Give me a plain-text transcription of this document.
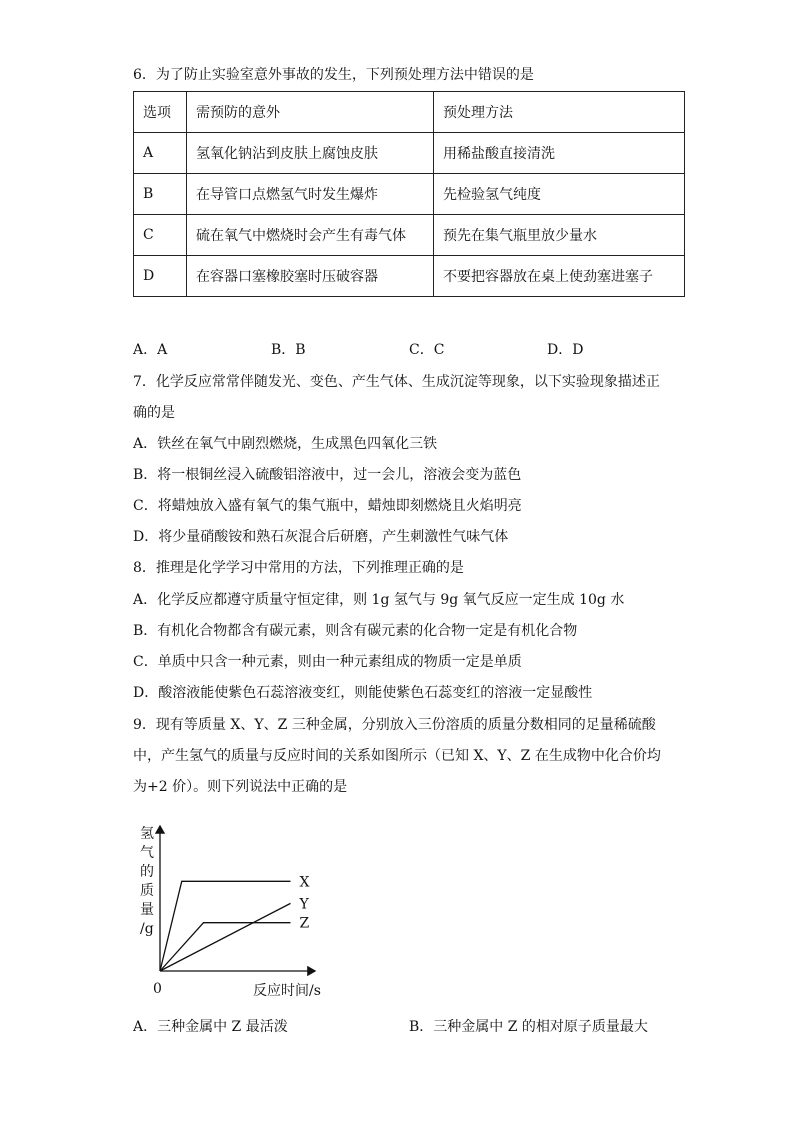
6．为了防止实验室意外事故的发生，下列预处理方法中错误的是
选项	需预防的意外	预处理方法
A	氢氧化钠沾到皮肤上腐蚀皮肤	用稀盐酸直接清洗
B	在导管口点燃氢气时发生爆炸	先检验氢气纯度
C	硫在氧气中燃烧时会产生有毒气体	预先在集气瓶里放少量水
D	在容器口塞橡胶塞时压破容器	不要把容器放在桌上使劲塞进塞子
A．A	B．B	C．C	D．D
7．化学反应常常伴随发光、变色、产生气体、生成沉淀等现象，以下实验现象描述正
确的是
A．铁丝在氧气中剧烈燃烧，生成黑色四氧化三铁
B．将一根铜丝浸入硫酸铝溶液中，过一会儿，溶液会变为蓝色
C．将蜡烛放入盛有氧气的集气瓶中，蜡烛即刻燃烧且火焰明亮
D．将少量硝酸铵和熟石灰混合后研磨，产生刺激性气味气体
8．推理是化学学习中常用的方法，下列推理正确的是
A．化学反应都遵守质量守恒定律，则 1g 氢气与 9g 氧气反应一定生成 10g 水
B．有机化合物都含有碳元素，则含有碳元素的化合物一定是有机化合物
C．单质中只含一种元素，则由一种元素组成的物质一定是单质
D．酸溶液能使紫色石蕊溶液变红，则能使紫色石蕊变红的溶液一定显酸性
9．现有等质量 X、Y、Z 三种金属，分别放入三份溶质的质量分数相同的足量稀硫酸
中，产生氢气的质量与反应时间的关系如图所示（已知 X、Y、Z 在生成物中化合价均
为+2 价）。则下列说法中正确的是
氢
气
的
质
量
/g
0	反应时间/s
X
Y
Z
A．三种金属中 Z 最活泼	B．三种金属中 Z 的相对原子质量最大
